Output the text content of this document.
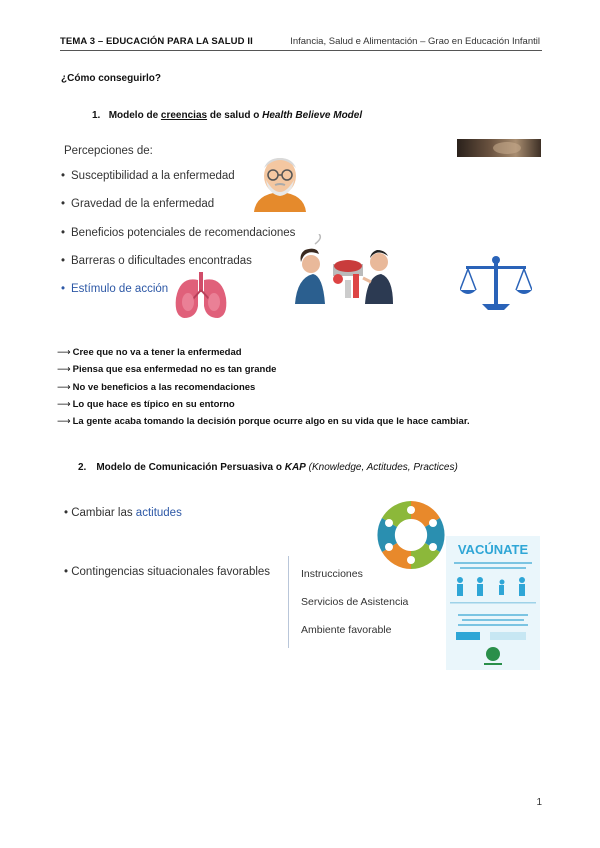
TEMA 3 – EDUCACIÓN PARA LA SALUD II	Infancia, Salud e Alimentación – Grao en Educación Infantil
¿Cómo conseguirlo?
1. Modelo de creencias de salud o Health Believe Model
Percepciones de:
• Susceptibilidad a la enfermedad
• Gravedad de la enfermedad
• Beneficios potenciales de recomendaciones
• Barreras o dificultades encontradas
• Estímulo de acción
⟶ Cree que no va a tener la enfermedad
⟶ Piensa que esa enfermedad no es tan grande
⟶ No ve beneficios a las recomendaciones
⟶ Lo que hace es típico en su entorno
⟶ La gente acaba tomando la decisión porque ocurre algo en su vida que le hace cambiar.
2. Modelo de Comunicación Persuasiva o KAP (Knowledge, Actitudes, Practices)
• Cambiar las actitudes
• Contingencias situacionales favorables	Instrucciones
Servicios de Asistencia
Ambiente favorable
VACÚNATE
1
